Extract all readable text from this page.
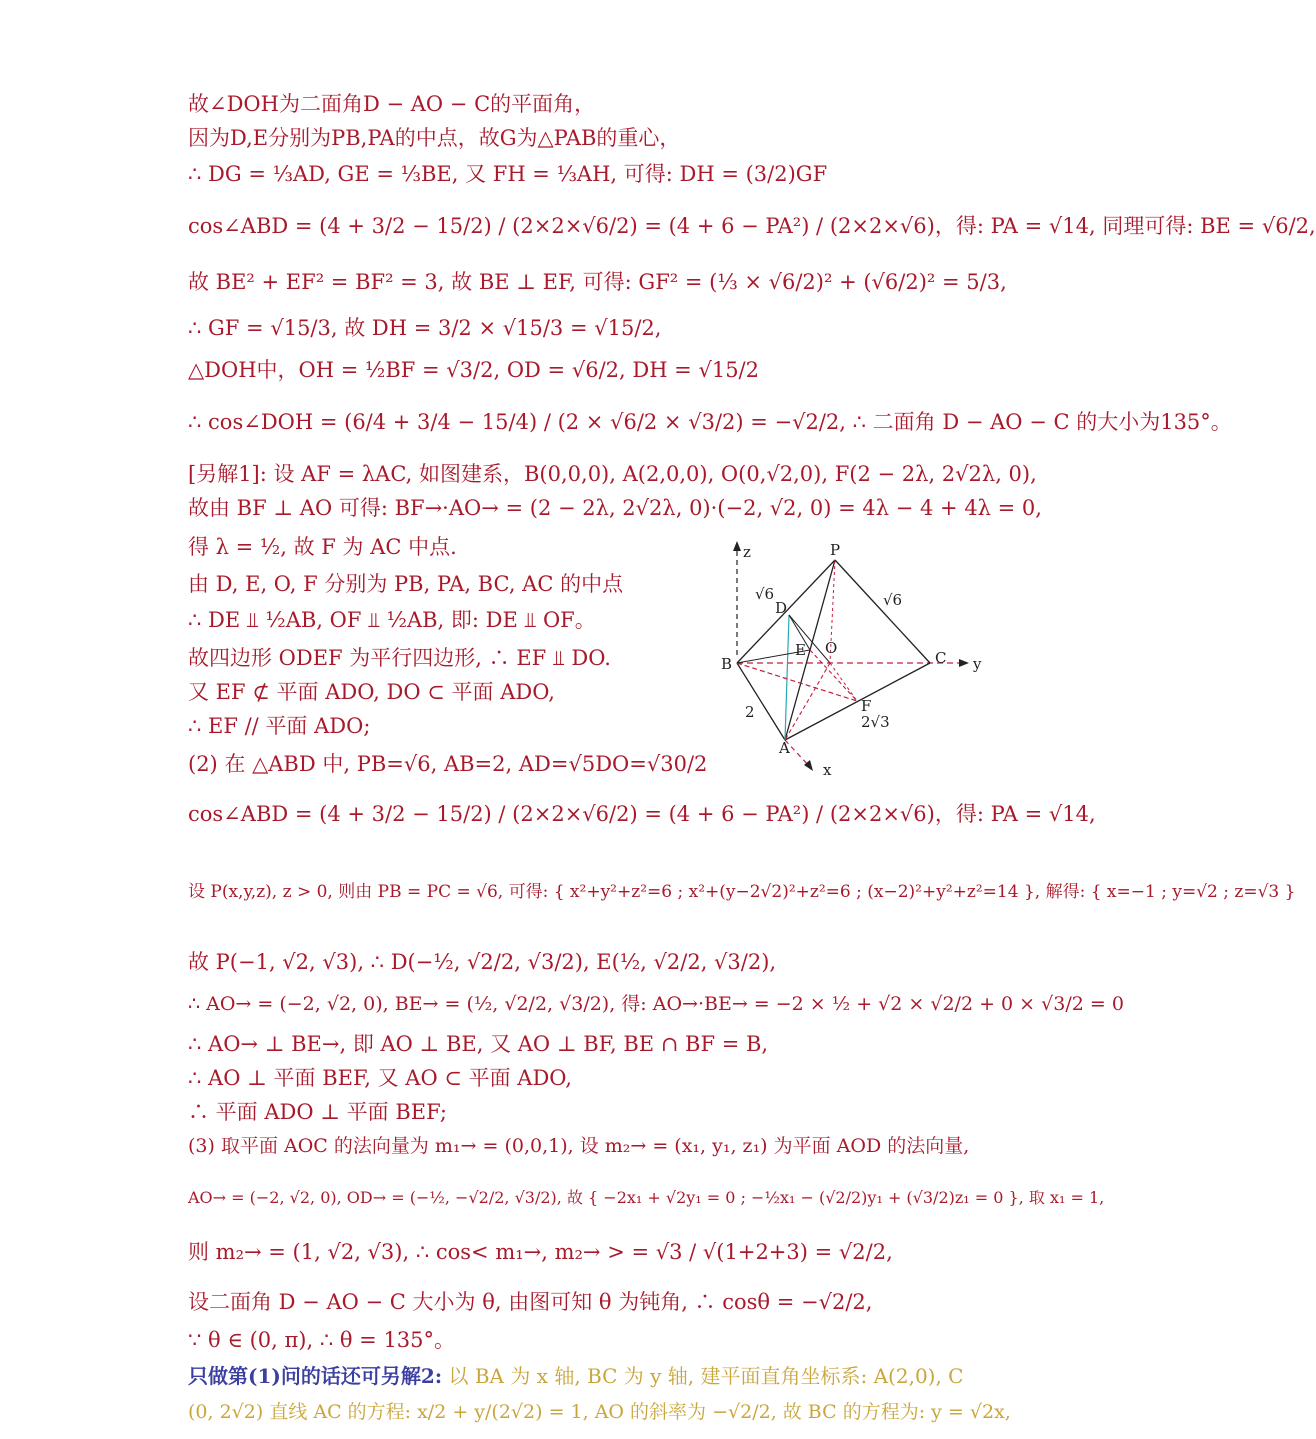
故∠DOH为二面角D − AO − C的平面角，
因为D,E分别为PB,PA的中点，故G为△PAB的重心，
∴ DG = ⅓AD, GE = ⅓BE, 又 FH = ⅓AH, 可得: DH = (3/2)GF
cos∠ABD = (4 + 3/2 − 15/2) / (2×2×√6/2) = (4 + 6 − PA²) / (2×2×√6)，得: PA = √14, 同理可得: BE = √6/2,
故 BE² + EF² = BF² = 3, 故 BE ⊥ EF, 可得: GF² = (⅓ × √6/2)² + (√6/2)² = 5/3,
∴ GF = √15/3, 故 DH = 3/2 × √15/3 = √15/2,
△DOH中，OH = ½BF = √3/2, OD = √6/2, DH = √15/2
∴ cos∠DOH = (6/4 + 3/4 − 15/4) / (2 × √6/2 × √3/2) = −√2/2, ∴ 二面角 D − AO − C 的大小为135°。
[另解1]: 设 AF = λAC, 如图建系，B(0,0,0), A(2,0,0), O(0,√2,0), F(2 − 2λ, 2√2λ, 0),
故由 BF ⊥ AO 可得: BF→·AO→ = (2 − 2λ, 2√2λ, 0)·(−2, √2, 0) = 4λ − 4 + 4λ = 0,
得 λ = ½, 故 F 为 AC 中点.
由 D, E, O, F 分别为 PB, PA, BC, AC 的中点
∴ DE ⫫ ½AB, OF ⫫ ½AB, 即: DE ⫫ OF。
故四边形 ODEF 为平行四边形, ∴ EF ⫫ DO.
又 EF ⊄ 平面 ADO, DO ⊂ 平面 ADO,
∴ EF // 平面 ADO;
(2) 在 △ABD 中, PB=√6, AB=2, AD=√5DO=√30/2
cos∠ABD = (4 + 3/2 − 15/2) / (2×2×√6/2) = (4 + 6 − PA²) / (2×2×√6)，得: PA = √14,
设 P(x,y,z), z > 0, 则由 PB = PC = √6, 可得: { x²+y²+z²=6 ; x²+(y−2√2)²+z²=6 ; (x−2)²+y²+z²=14 }, 解得: { x=−1 ; y=√2 ; z=√3 }
故 P(−1, √2, √3), ∴ D(−½, √2/2, √3/2), E(½, √2/2, √3/2),
∴ AO→ = (−2, √2, 0), BE→ = (½, √2/2, √3/2), 得: AO→·BE→ = −2 × ½ + √2 × √2/2 + 0 × √3/2 = 0
∴ AO→ ⊥ BE→, 即 AO ⊥ BE, 又 AO ⊥ BF, BE ∩ BF = B,
∴ AO ⊥ 平面 BEF, 又 AO ⊂ 平面 ADO,
∴ 平面 ADO ⊥ 平面 BEF;
(3) 取平面 AOC 的法向量为 m₁→ = (0,0,1), 设 m₂→ = (x₁, y₁, z₁) 为平面 AOD 的法向量,
AO→ = (−2, √2, 0), OD→ = (−½, −√2/2, √3/2), 故 { −2x₁ + √2y₁ = 0 ; −½x₁ − (√2/2)y₁ + (√3/2)z₁ = 0 }, 取 x₁ = 1,
则 m₂→ = (1, √2, √3), ∴ cos< m₁→, m₂→ > = √3 / √(1+2+3) = √2/2,
设二面角 D − AO − C 大小为 θ, 由图可知 θ 为钝角, ∴ cosθ = −√2/2,
∵ θ ∈ (0, π), ∴ θ = 135°。
只做第(1)问的话还可另解2: 以 BA 为 x 轴, BC 为 y 轴, 建平面直角坐标系: A(2,0), C
(0, 2√2) 直线 AC 的方程: x/2 + y/(2√2) = 1, AO 的斜率为 −√2/2, 故 BC 的方程为: y = √2x,
z
y
x
P
D
E O
B	C
F
A
√6	√6
2
2√3
